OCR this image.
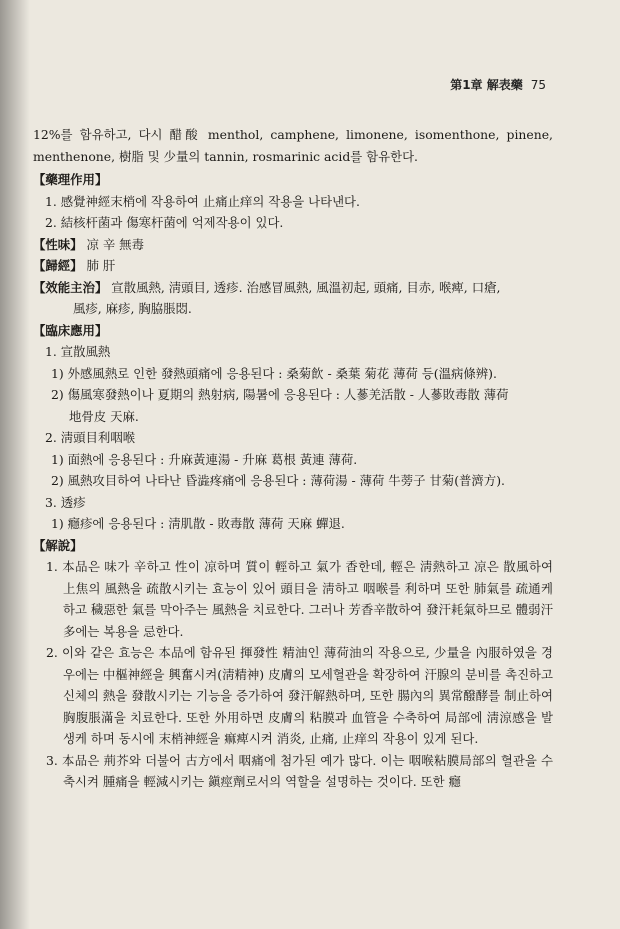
第1章 解表藥 75

12%를 함유하고, 다시 醋酸 menthol, camphene, limonene, isomenthone, pinene, menthenone, 樹脂 및 少量의 tannin, rosmarinic acid를 함유한다.

【藥理作用】

1. 感覺神經末梢에 작용하여 止痛止痒의 작용을 나타낸다.

2. 結核杆菌과 傷寒杆菌에 억제작용이 있다.

【性味】 凉 辛 無毒

【歸經】 肺 肝

【效能主治】 宣散風熱, 淸頭目, 透疹. 治感冒風熱, 風溫初起, 頭痛, 目赤, 喉痺, 口瘡,

風疹, 麻疹, 胸脇脹悶.

【臨床應用】

1. 宣散風熱

1) 外感風熱로 인한 發熱頭痛에 응용된다 : 桑菊飮 - 桑葉 菊花 薄荷 등(溫病條辨).

2) 傷風寒發熱이나 夏期의 熱射病, 陽暑에 응용된다 : 人蔘羌活散 - 人蔘敗毒散 薄荷

地骨皮 天麻.

2. 淸頭目利咽喉

1) 面熱에 응용된다 : 升麻黃連湯 - 升麻 葛根 黃連 薄荷.

2) 風熱攻目하여 나타난 昏澁疼痛에 응용된다 : 薄荷湯 - 薄荷 牛蒡子 甘菊(普濟方).

3. 透疹

1) 癮疹에 응용된다 : 淸肌散 - 敗毒散 薄荷 天麻 蟬退.

【解說】

1. 本品은 味가 辛하고 性이 凉하며 質이 輕하고 氣가 香한데, 輕은 淸熱하고 凉은 散風하여 上焦의 風熱을 疏散시키는 효능이 있어 頭目을 淸하고 咽喉를 利하며 또한 肺氣를 疏通케 하고 穢惡한 氣를 막아주는 風熱을 치료한다. 그러나 芳香辛散하여 發汗耗氣하므로 體弱汗多에는 복용을 忌한다.

2. 이와 같은 효능은 本品에 함유된 揮發性 精油인 薄荷油의 작용으로, 少量을 內服하였을 경우에는 中樞神經을 興奮시켜(淸精神) 皮膚의 모세혈관을 확장하여 汗腺의 분비를 촉진하고 신체의 熱을 發散시키는 기능을 증가하여 發汗解熱하며, 또한 腸內의 異常醱酵를 制止하여 胸腹脹滿을 치료한다. 또한 外用하면 皮膚의 粘膜과 血管을 수축하여 局部에 淸涼感을 발생케 하며 동시에 末梢神經을 痲痺시켜 消炎, 止痛, 止痒의 작용이 있게 된다.

3. 本品은 荊芥와 더불어 古方에서 咽痛에 첨가된 예가 많다. 이는 咽喉粘膜局部의 혈관을 수축시켜 腫痛을 輕減시키는 鎭痙劑로서의 역할을 설명하는 것이다. 또한 癮
